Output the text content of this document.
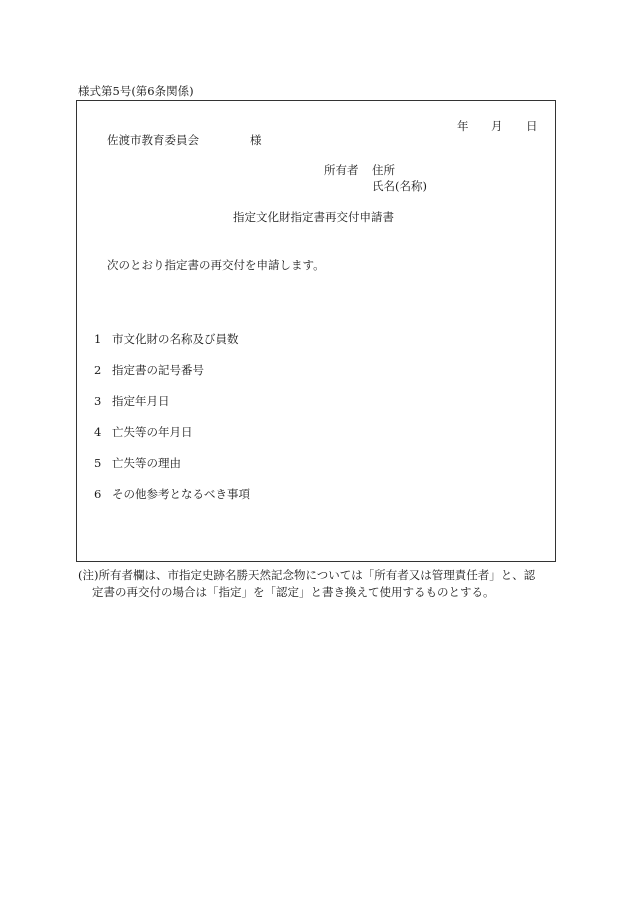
様式第5号(第6条関係)
年 月 日
佐渡市教育委員会	様
所有者 住所
氏名(名称)
指定文化財指定書再交付申請書
次のとおり指定書の再交付を申請します。
1 市文化財の名称及び員数
2 指定書の記号番号
3 指定年月日
4 亡失等の年月日
5 亡失等の理由
6 その他参考となるべき事項
(注)所有者欄は、市指定史跡名勝天然記念物については「所有者又は管理責任者」と、認
定書の再交付の場合は「指定」を「認定」と書き換えて使用するものとする。
